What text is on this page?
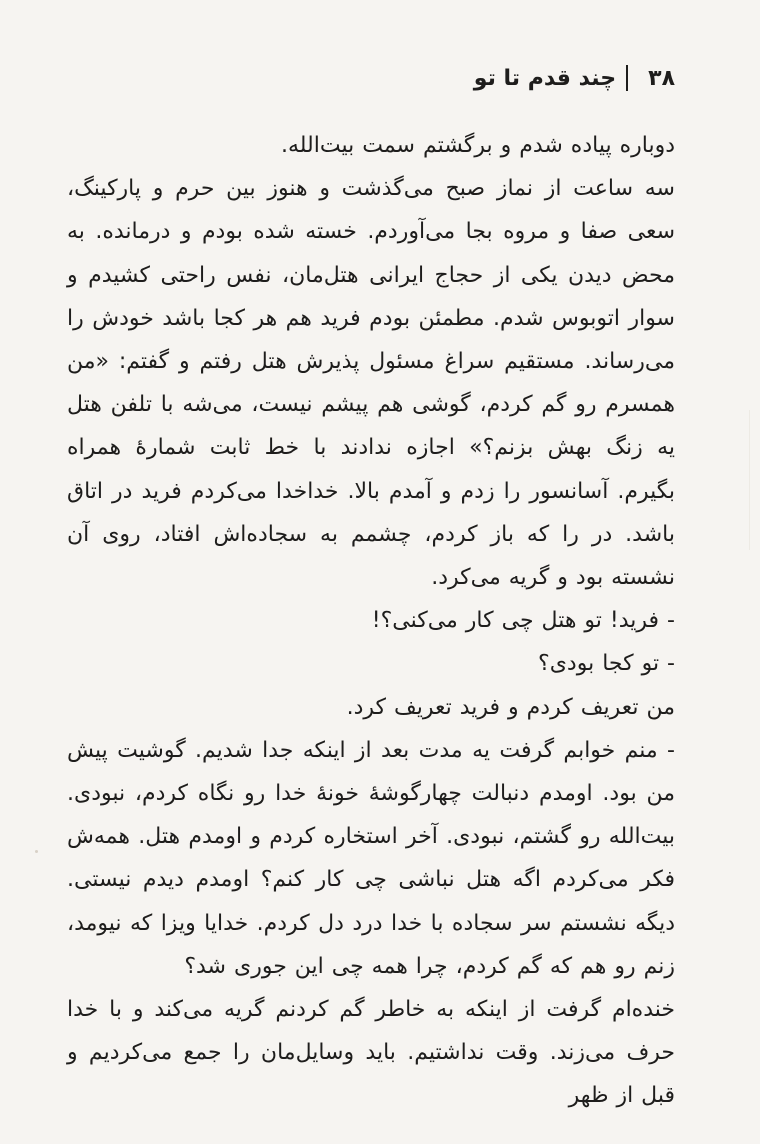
۳۸
چند قدم تا تو

دوباره پیاده شدم و برگشتم سمت بیت‌الله.

سه ساعت از نماز صبح می‌گذشت و هنوز بین حرم و پارکینگ، سعی صفا و مروه بجا می‌آوردم. خسته شده بودم و درمانده. به محض دیدن یکی از حجاج ایرانی هتل‌مان، نفس راحتی کشیدم و سوار اتوبوس شدم. مطمئن بودم فرید هم هر کجا باشد خودش را می‌رساند. مستقیم سراغ مسئول پذیرش هتل رفتم و گفتم: «من همسرم رو گم کردم، گوشی هم پیشم نیست، می‌شه با تلفن هتل یه زنگ بهش بزنم؟» اجازه ندادند با خط ثابت شمارهٔ همراه بگیرم. آسانسور را زدم و آمدم بالا. خداخدا می‌کردم فرید در اتاق باشد. در را که باز کردم، چشمم به سجاده‌اش افتاد، روی آن نشسته بود و گریه می‌کرد.

- فرید! تو هتل چی کار می‌کنی؟!

- تو کجا بودی؟

من تعریف کردم و فرید تعریف کرد.

- منم خوابم گرفت یه مدت بعد از اینکه جدا شدیم. گوشیت پیش من بود. اومدم دنبالت چهارگوشهٔ خونهٔ خدا رو نگاه کردم، نبودی. بیت‌الله رو گشتم، نبودی. آخر استخاره کردم و اومدم هتل. همه‌ش فکر می‌کردم اگه هتل نباشی چی کار کنم؟ اومدم دیدم نیستی. دیگه نشستم سر سجاده با خدا درد دل کردم. خدایا ویزا که نیومد، زنم رو هم که گم کردم، چرا همه چی این جوری شد؟

خنده‌ام گرفت از اینکه به خاطر گم کردنم گریه می‌کند و با خدا حرف می‌زند. وقت نداشتیم. باید وسایل‌مان را جمع می‌کردیم و قبل از ظهر
